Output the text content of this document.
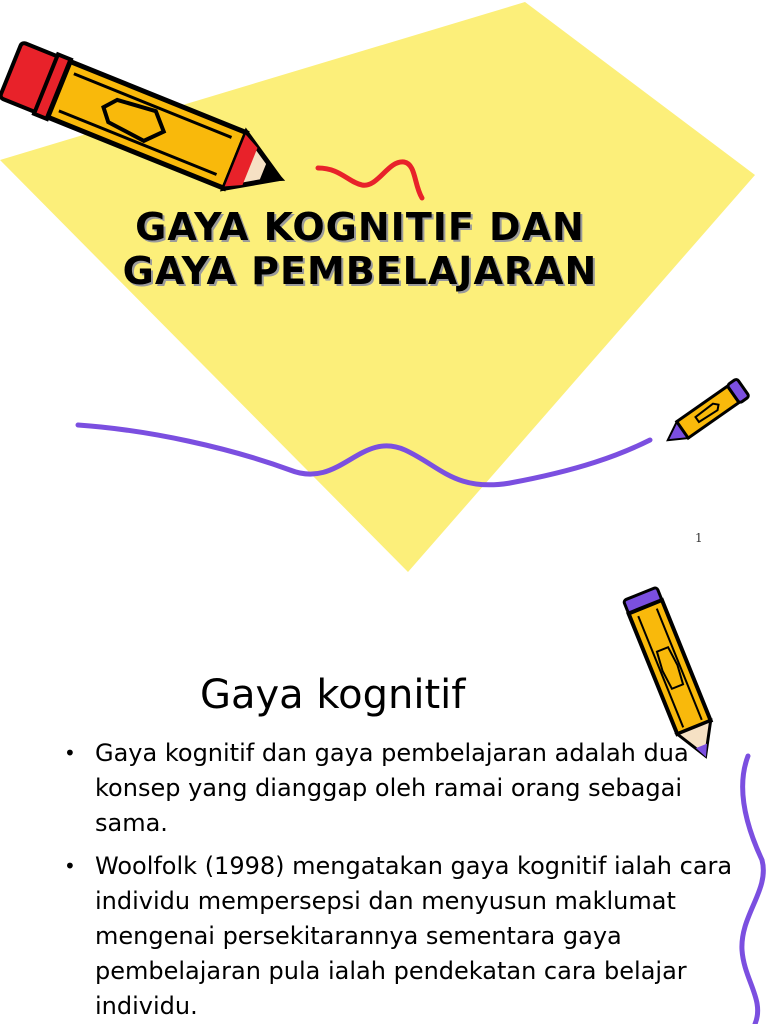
GAYA KOGNITIF DAN
GAYA PEMBELAJARAN
1
Gaya kognitif
• Gaya kognitif dan gaya pembelajaran adalah dua konsep yang dianggap oleh ramai orang sebagai sama.
• Woolfolk (1998) mengatakan gaya kognitif ialah cara individu mempersepsi dan menyusun maklumat mengenai persekitarannya sementara gaya pembelajaran pula ialah pendekatan cara belajar individu.
